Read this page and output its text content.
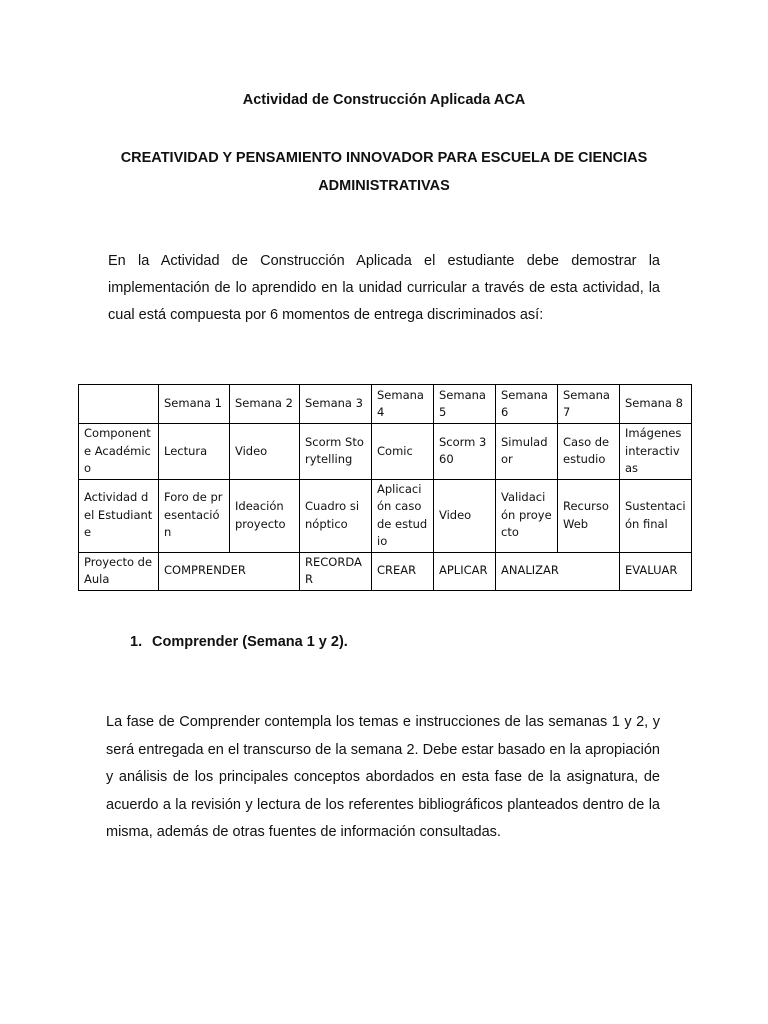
Actividad de Construcción Aplicada ACA
CREATIVIDAD Y PENSAMIENTO INNOVADOR PARA ESCUELA DE CIENCIAS ADMINISTRATIVAS
En la Actividad de Construcción Aplicada el estudiante debe demostrar la implementación de lo aprendido en la unidad curricular a través de esta actividad, la cual está compuesta por 6 momentos de entrega discriminados así:
	Semana 1	Semana 2	Semana 3	Semana 4	Semana 5	Semana 6	Semana 7	Semana 8
Componente Académico	Lectura	Video	Scorm Storytelling	Comic	Scorm 360	Simulador	Caso de estudio	Imágenes interactivas
Actividad del Estudiante	Foro de presentación	Ideación proyecto	Cuadro sinóptico	Aplicación caso de estudio	Video	Validación proyecto	Recurso Web	Sustentación final
Proyecto de Aula	COMPRENDER		RECORDAR	CREAR	APLICAR	ANALIZAR		EVALUAR
1. Comprender (Semana 1 y 2).
La fase de Comprender contempla los temas e instrucciones de las semanas 1 y 2, y será entregada en el transcurso de la semana 2. Debe estar basado en la apropiación y análisis de los principales conceptos abordados en esta fase de la asignatura, de acuerdo a la revisión y lectura de los referentes bibliográficos planteados dentro de la misma, además de otras fuentes de información consultadas.
